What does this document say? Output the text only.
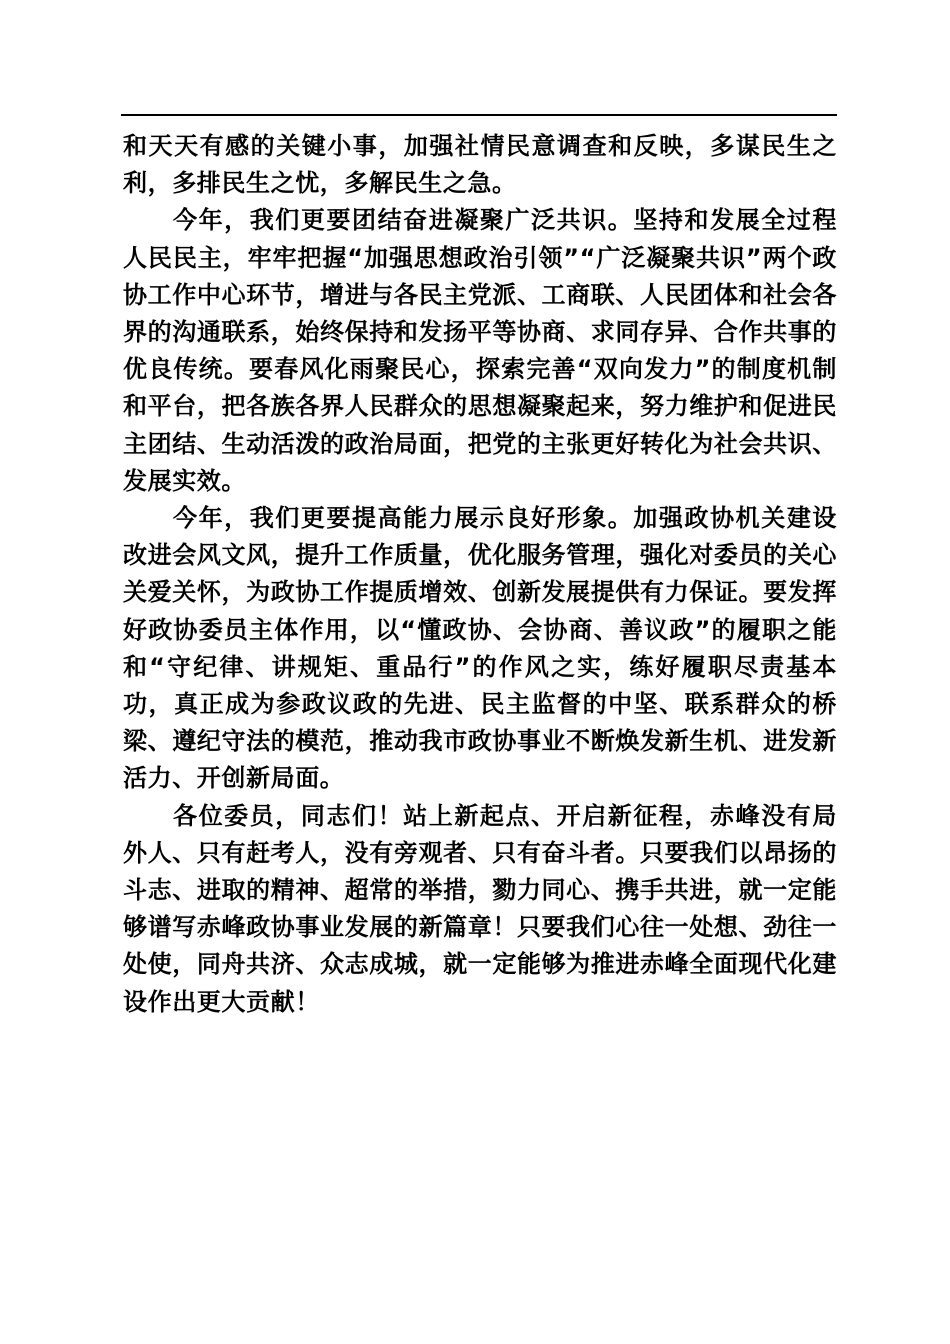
和天天有感的关键小事，加强社情民意调查和反映，多谋民生之利，多排民生之忧，多解民生之急。

今年，我们更要团结奋进凝聚广泛共识。坚持和发展全过程人民民主，牢牢把握“加强思想政治引领”“广泛凝聚共识”两个政协工作中心环节，增进与各民主党派、工商联、人民团体和社会各界的沟通联系，始终保持和发扬平等协商、求同存异、合作共事的优良传统。要春风化雨聚民心，探索完善“双向发力”的制度机制和平台，把各族各界人民群众的思想凝聚起来，努力维护和促进民主团结、生动活泼的政治局面，把党的主张更好转化为社会共识、发展实效。

今年，我们更要提高能力展示良好形象。加强政协机关建设改进会风文风，提升工作质量，优化服务管理，强化对委员的关心关爱关怀，为政协工作提质增效、创新发展提供有力保证。要发挥好政协委员主体作用，以“懂政协、会协商、善议政”的履职之能和“守纪律、讲规矩、重品行”的作风之实，练好履职尽责基本功，真正成为参政议政的先进、民主监督的中坚、联系群众的桥梁、遵纪守法的模范，推动我市政协事业不断焕发新生机、进发新活力、开创新局面。

各位委员，同志们！站上新起点、开启新征程，赤峰没有局外人、只有赶考人，没有旁观者、只有奋斗者。只要我们以昂扬的斗志、进取的精神、超常的举措，勠力同心、携手共进，就一定能够谱写赤峰政协事业发展的新篇章！只要我们心往一处想、劲往一处使，同舟共济、众志成城，就一定能够为推进赤峰全面现代化建设作出更大贡献！
